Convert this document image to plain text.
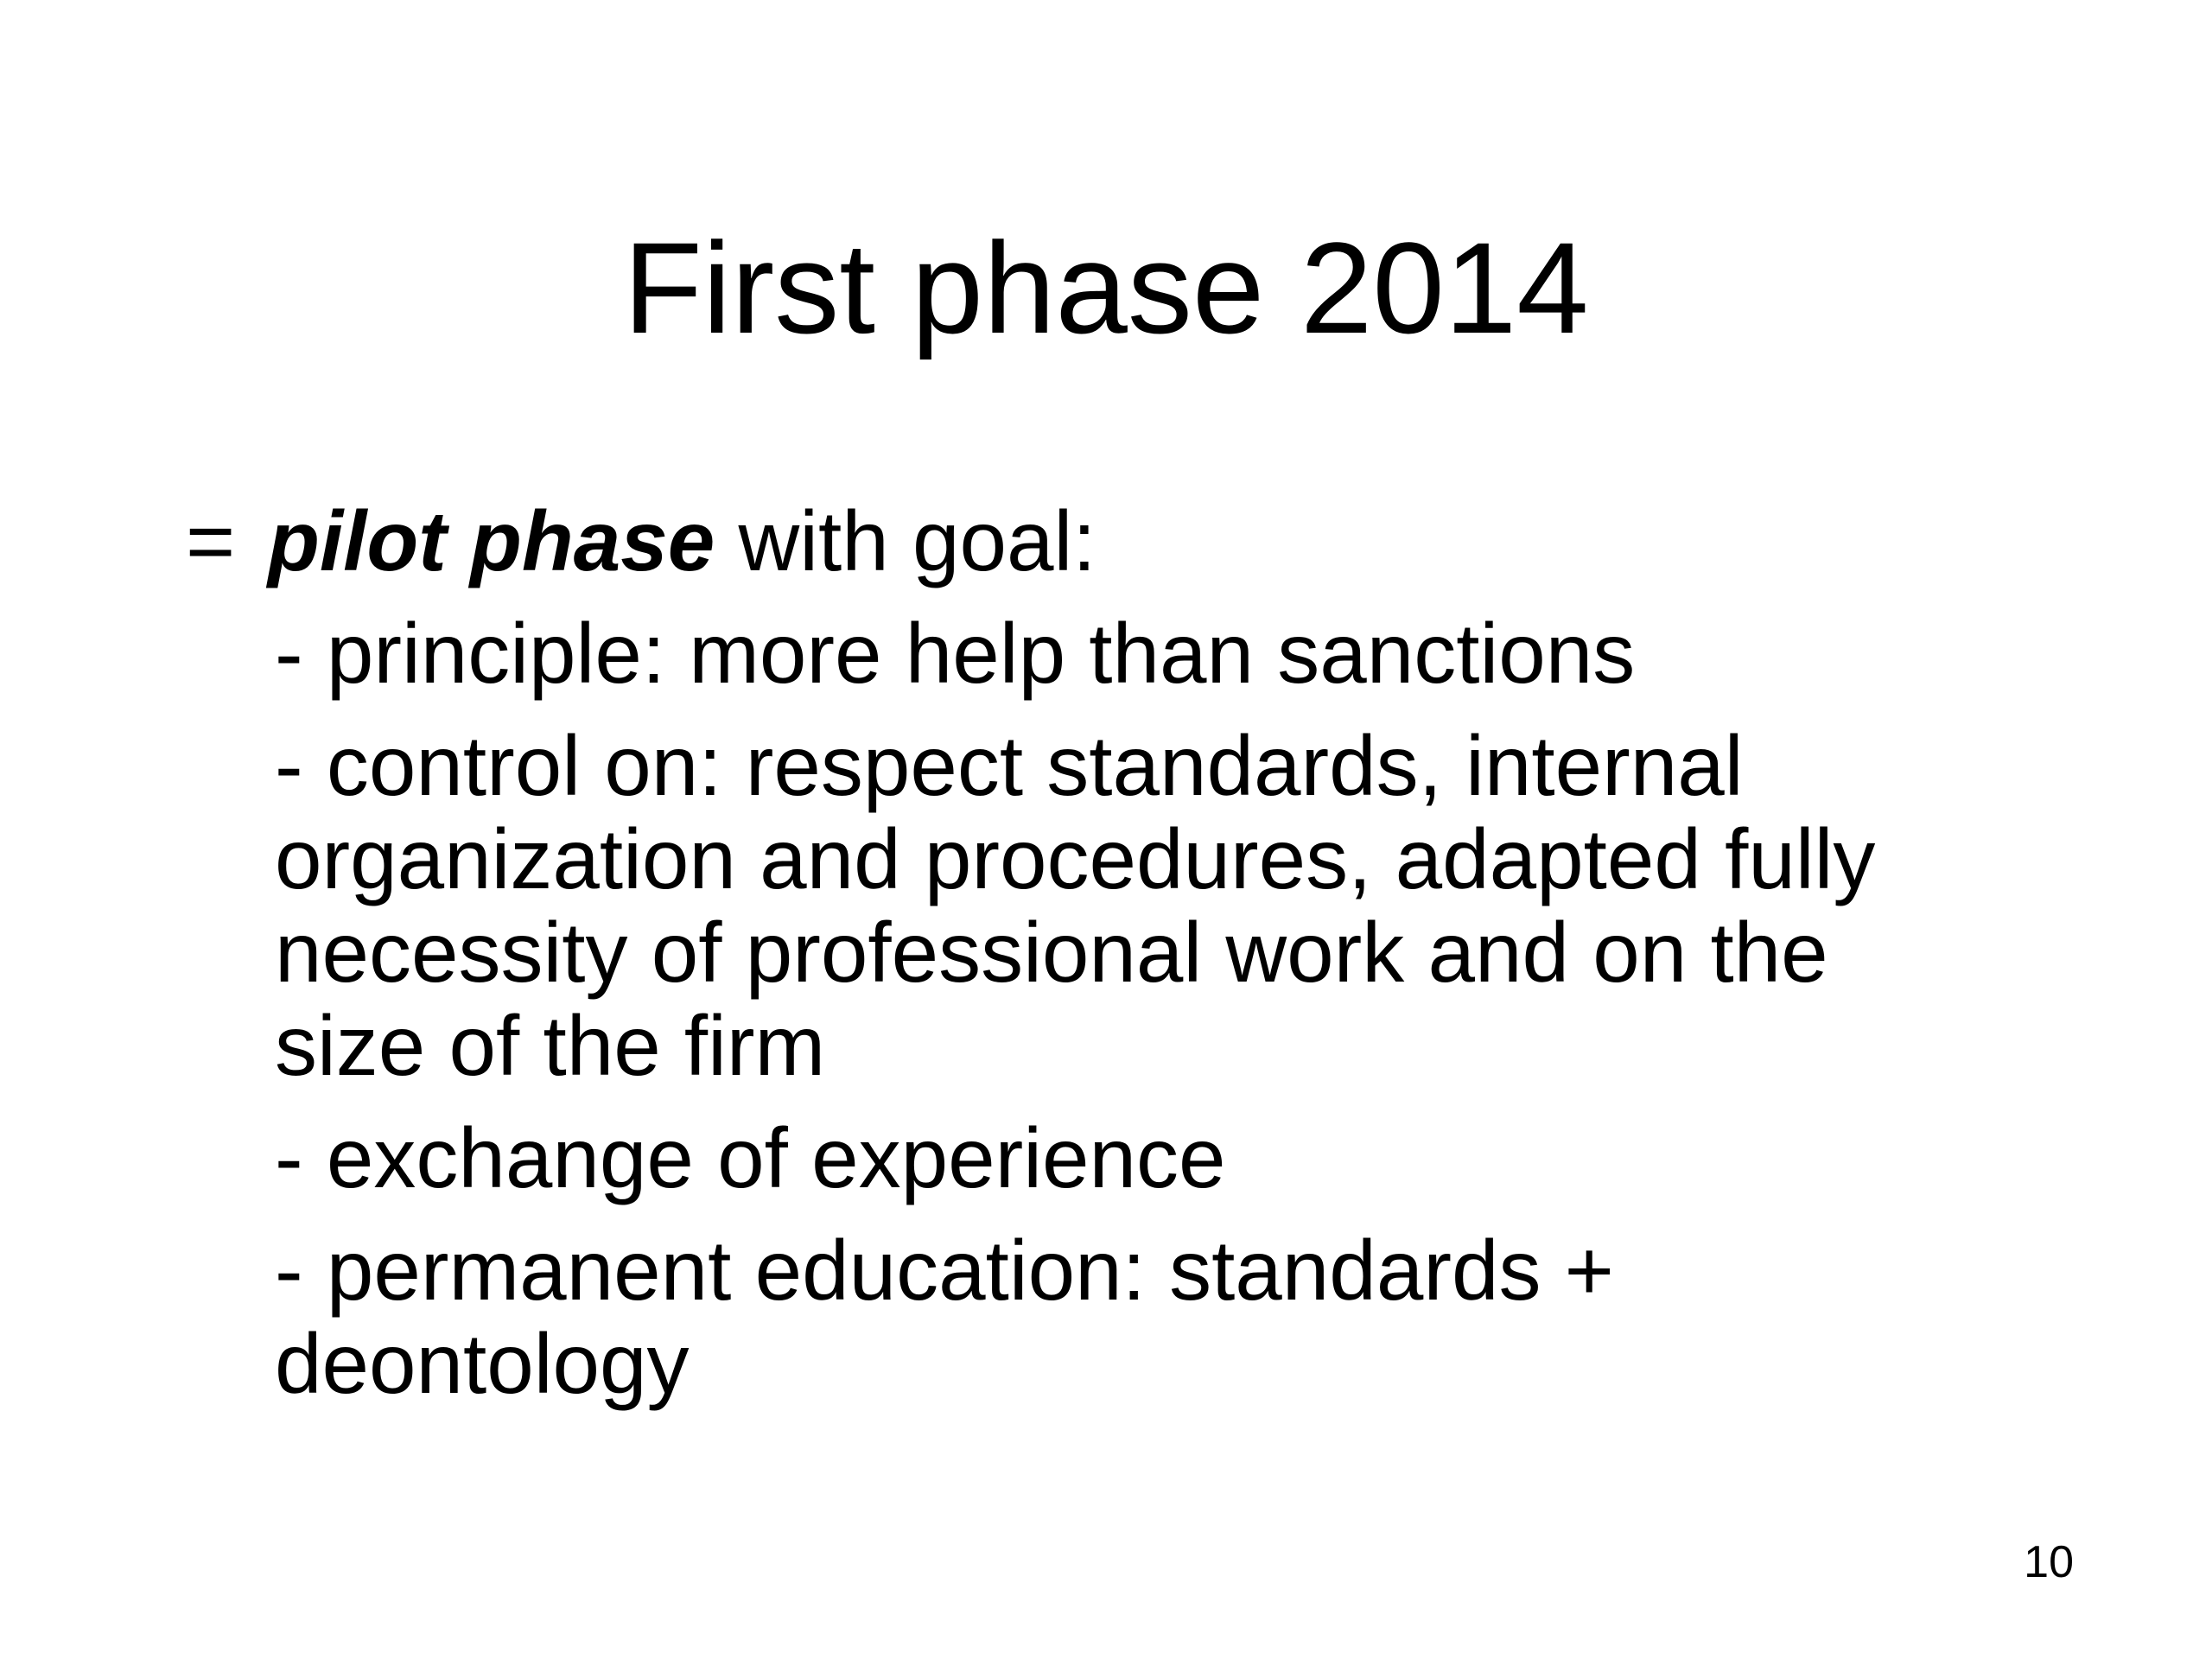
First phase 2014
= pilot phase with goal:
- principle: more help than sanctions
- control on: respect standards, internal
organization and procedures, adapted fully
necessity of professional work and on the
size of the firm
- exchange of experience
- permanent education: standards +
deontology
10
